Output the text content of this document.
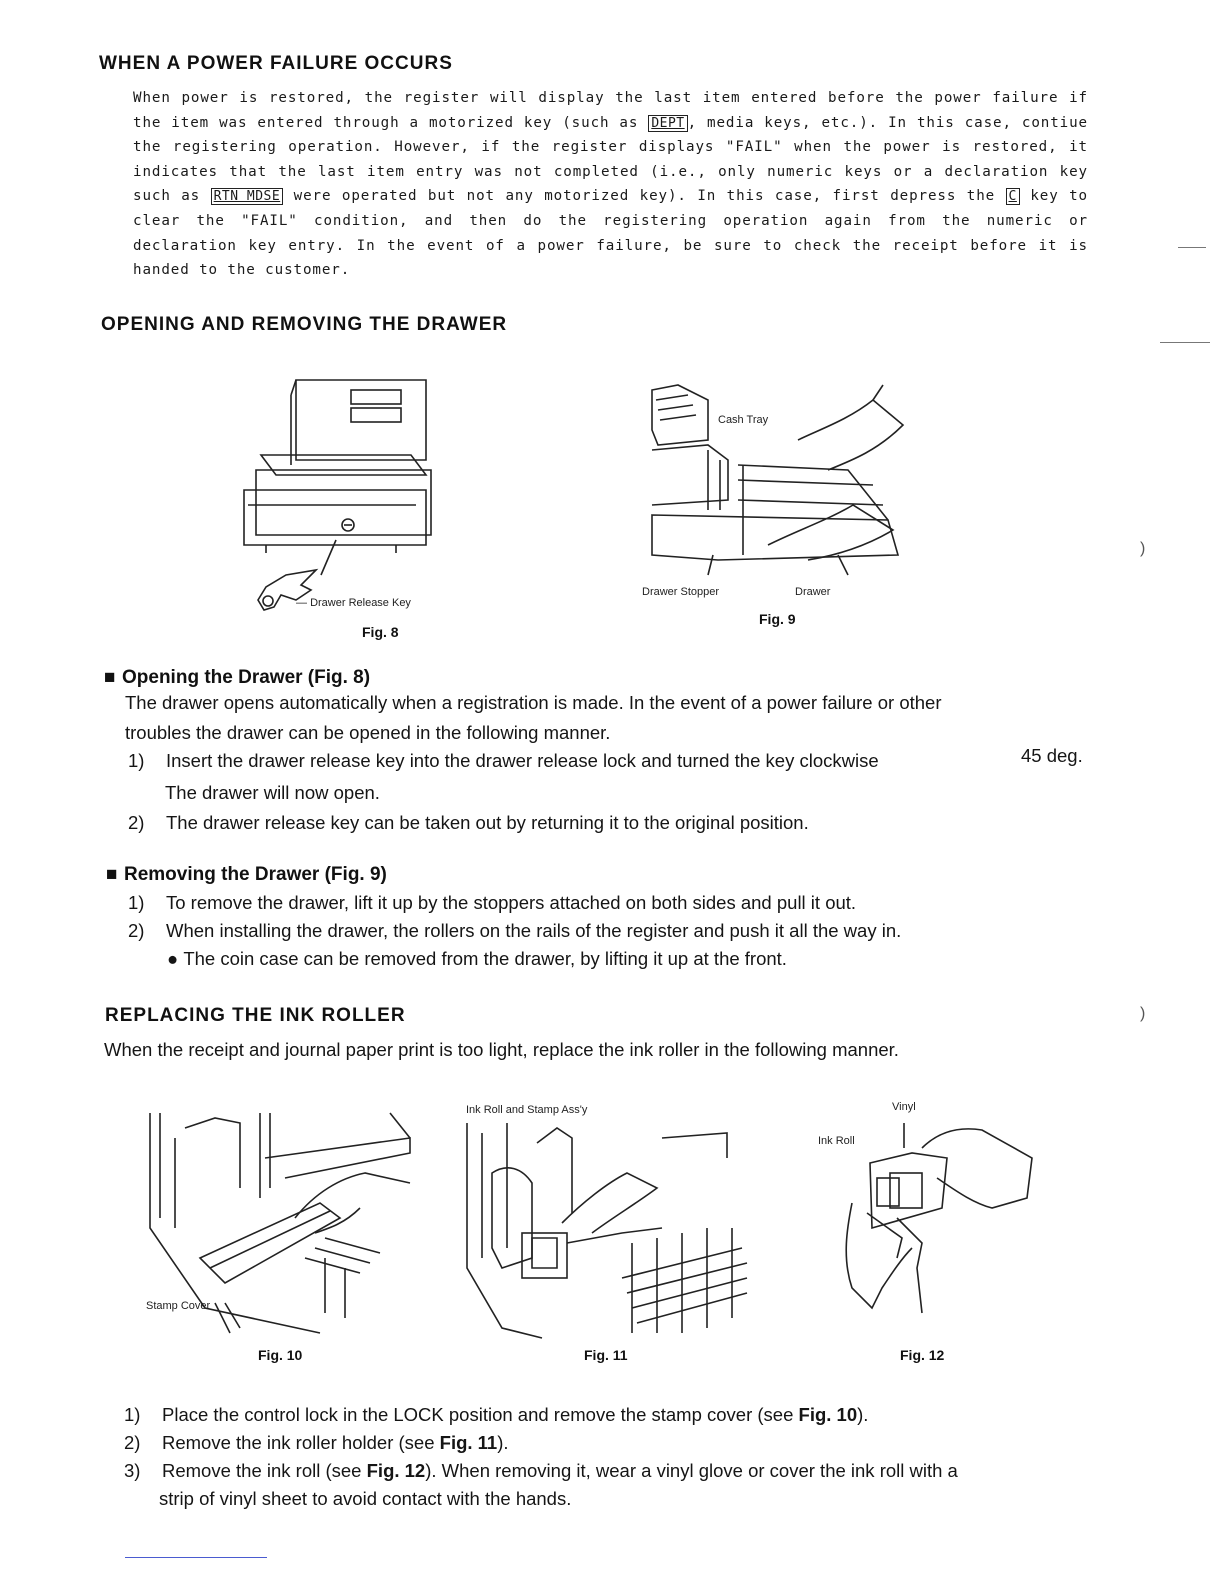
WHEN A POWER FAILURE OCCURS
When power is restored, the register will display the last item entered before the power failure if the item was entered through a motorized key (such as DEPT , media keys, etc.). In this case, contiue the registering operation. However, if the register displays "FAIL" when the power is restored, it indicates that the last item entry was not completed (i.e., only numeric keys or a declaration key such as RTN MDSE were operated but not any motorized key). In this case, first depress the C key to clear the "FAIL" condition, and then do the registering operation again from the numeric or declaration key entry. In the event of a power failure, be sure to check the receipt before it is handed to the customer.
OPENING AND REMOVING THE DRAWER
— Drawer Release Key
Fig. 8
Cash Tray
Drawer Stopper	Drawer
Fig. 9
■ Opening the Drawer (Fig. 8)
The drawer opens automatically when a registration is made. In the event of a power failure or other
troubles the drawer can be opened in the following manner.
1) Insert the drawer release key into the drawer release lock and turned the key clockwise	45 deg.
The drawer will now open.
2) The drawer release key can be taken out by returning it to the original position.
■ Removing the Drawer (Fig. 9)
1) To remove the drawer, lift it up by the stoppers attached on both sides and pull it out.
2) When installing the drawer, the rollers on the rails of the register and push it all the way in.
● The coin case can be removed from the drawer, by lifting it up at the front.
REPLACING THE INK ROLLER
When the receipt and journal paper print is too light, replace the ink roller in the following manner.
Stamp Cover
Fig. 10
Ink Roll and Stamp Ass'y
Fig. 11
Vinyl
Ink Roll
Fig. 12
1) Place the control lock in the LOCK position and remove the stamp cover (see Fig. 10).
2) Remove the ink roller holder (see Fig. 11).
3) Remove the ink roll (see Fig. 12). When removing it, wear a vinyl glove or cover the ink roll with a
strip of vinyl sheet to avoid contact with the hands.
)
)
